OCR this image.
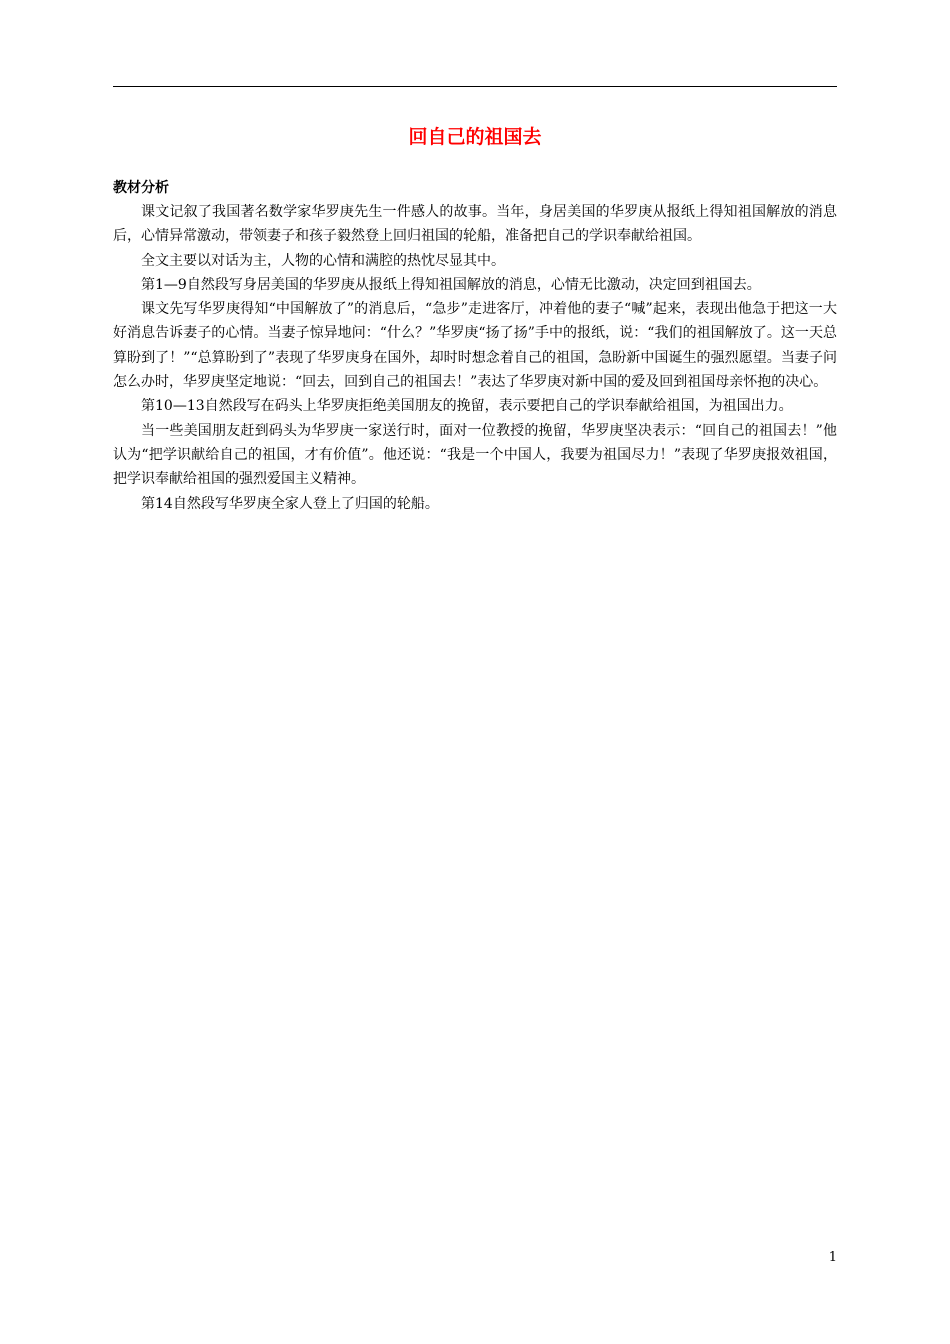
回自己的祖国去

教材分析

课文记叙了我国著名数学家华罗庚先生一件感人的故事。当年，身居美国的华罗庚从报纸上得知祖国解放的消息后，心情异常激动，带领妻子和孩子毅然登上回归祖国的轮船，准备把自己的学识奉献给祖国。

全文主要以对话为主，人物的心情和满腔的热忱尽显其中。

第1—9自然段写身居美国的华罗庚从报纸上得知祖国解放的消息，心情无比激动，决定回到祖国去。

课文先写华罗庚得知“中国解放了”的消息后，“急步”走进客厅，冲着他的妻子“喊”起来，表现出他急于把这一大好消息告诉妻子的心情。当妻子惊异地问：“什么？”华罗庚“扬了扬”手中的报纸，说：“我们的祖国解放了。这一天总算盼到了！”“总算盼到了”表现了华罗庚身在国外，却时时想念着自己的祖国，急盼新中国诞生的强烈愿望。当妻子问怎么办时，华罗庚坚定地说：“回去，回到自己的祖国去！”表达了华罗庚对新中国的爱及回到祖国母亲怀抱的决心。

第10—13自然段写在码头上华罗庚拒绝美国朋友的挽留，表示要把自己的学识奉献给祖国，为祖国出力。

当一些美国朋友赶到码头为华罗庚一家送行时，面对一位教授的挽留，华罗庚坚决表示：“回自己的祖国去！”他认为“把学识献给自己的祖国，才有价值”。他还说：“我是一个中国人，我要为祖国尽力！”表现了华罗庚报效祖国，把学识奉献给祖国的强烈爱国主义精神。

第14自然段写华罗庚全家人登上了归国的轮船。

1
